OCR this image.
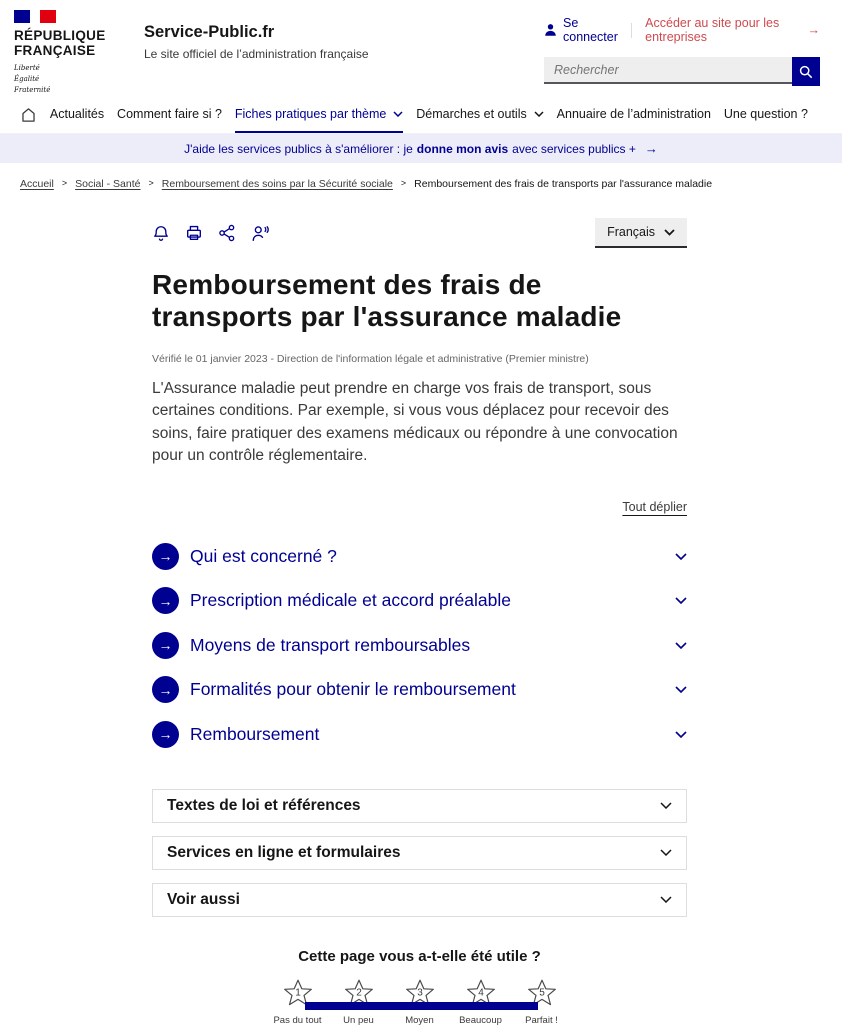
RÉPUBLIQUE
FRANÇAISE
Liberté
Égalité
Fraternité
Service-Public.fr
Le site officiel de l’administration française
Se connecter
Accéder au site pour les entreprises	→
Rechercher
Actualités Comment faire si ? Fiches pratiques par thème Démarches et outils Annuaire de l’administration Une question ?
J'aide les services publics à s'améliorer : je donne mon avis avec services publics + →
Accueil > Social - Santé > Remboursement des soins par la Sécurité sociale > Remboursement des frais de transports par l'assurance maladie
Français
Remboursement des frais de transports par l'assurance maladie
Vérifié le 01 janvier 2023 - Direction de l'information légale et administrative (Premier ministre)

L'Assurance maladie peut prendre en charge vos frais de transport, sous certaines conditions. Par exemple, si vous vous déplacez pour recevoir des soins, faire pratiquer des examens médicaux ou répondre à une convocation pour un contrôle réglementaire.

Tout déplier
→	Qui est concerné ?
→	Prescription médicale et accord préalable
→	Moyens de transport remboursables
→	Formalités pour obtenir le remboursement
→	Remboursement
Textes de loi et références
Services en ligne et formulaires
Voir aussi
Cette page vous a-t-elle été utile ?
1
Pas du tout
2
Un peu
3
Moyen
4
Beaucoup
5
Parfait !
